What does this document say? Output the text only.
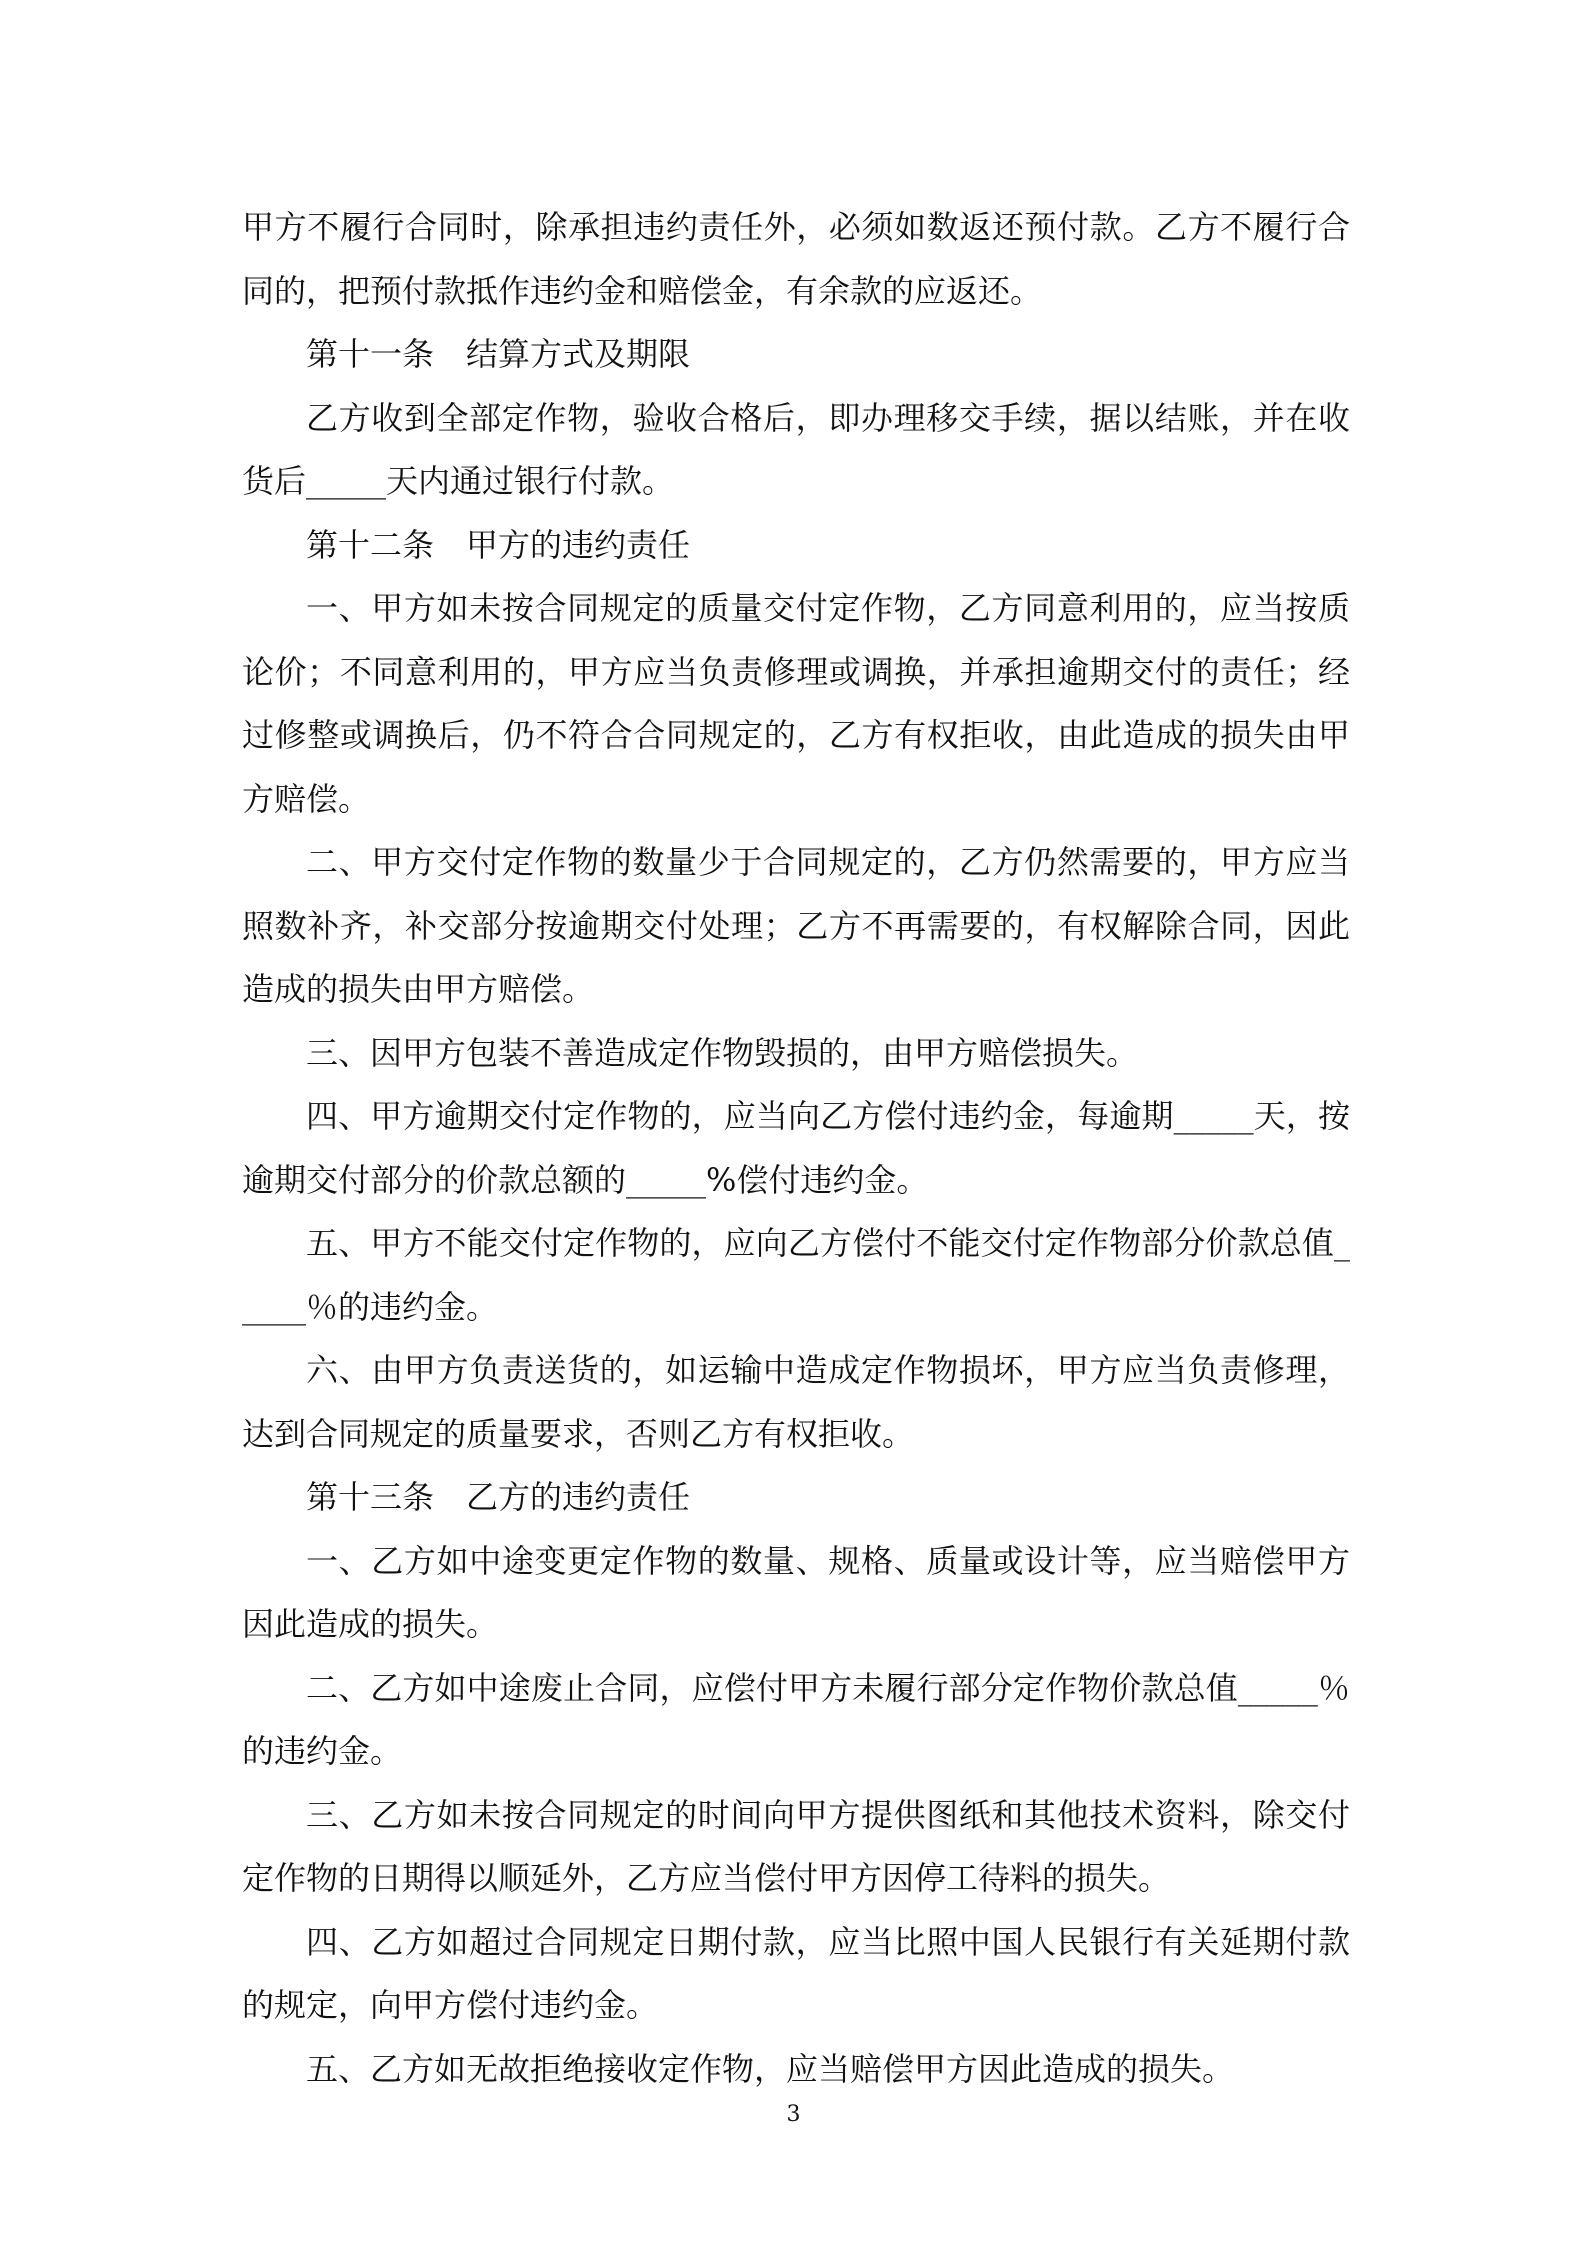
甲方不履行合同时，除承担违约责任外，必须如数返还预付款。乙方不履行合同的，把预付款抵作违约金和赔偿金，有余款的应返还。

第十一条　结算方式及期限

乙方收到全部定作物，验收合格后，即办理移交手续，据以结账，并在收货后_____天内通过银行付款。

第十二条　甲方的违约责任

一、甲方如未按合同规定的质量交付定作物，乙方同意利用的，应当按质论价；不同意利用的，甲方应当负责修理或调换，并承担逾期交付的责任；经过修整或调换后，仍不符合合同规定的，乙方有权拒收，由此造成的损失由甲方赔偿。

二、甲方交付定作物的数量少于合同规定的，乙方仍然需要的，甲方应当照数补齐，补交部分按逾期交付处理；乙方不再需要的，有权解除合同，因此造成的损失由甲方赔偿。

三、因甲方包装不善造成定作物毁损的，由甲方赔偿损失。

四、甲方逾期交付定作物的，应当向乙方偿付违约金，每逾期_____天，按逾期交付部分的价款总额的_____%偿付违约金。

五、甲方不能交付定作物的，应向乙方偿付不能交付定作物部分价款总值_____％的违约金。

六、由甲方负责送货的，如运输中造成定作物损坏，甲方应当负责修理，达到合同规定的质量要求，否则乙方有权拒收。

第十三条　乙方的违约责任

一、乙方如中途变更定作物的数量、规格、质量或设计等，应当赔偿甲方因此造成的损失。

二、乙方如中途废止合同，应偿付甲方未履行部分定作物价款总值_____％的违约金。

三、乙方如未按合同规定的时间向甲方提供图纸和其他技术资料，除交付定作物的日期得以顺延外，乙方应当偿付甲方因停工待料的损失。

四、乙方如超过合同规定日期付款，应当比照中国人民银行有关延期付款的规定，向甲方偿付违约金。

五、乙方如无故拒绝接收定作物，应当赔偿甲方因此造成的损失。

3
